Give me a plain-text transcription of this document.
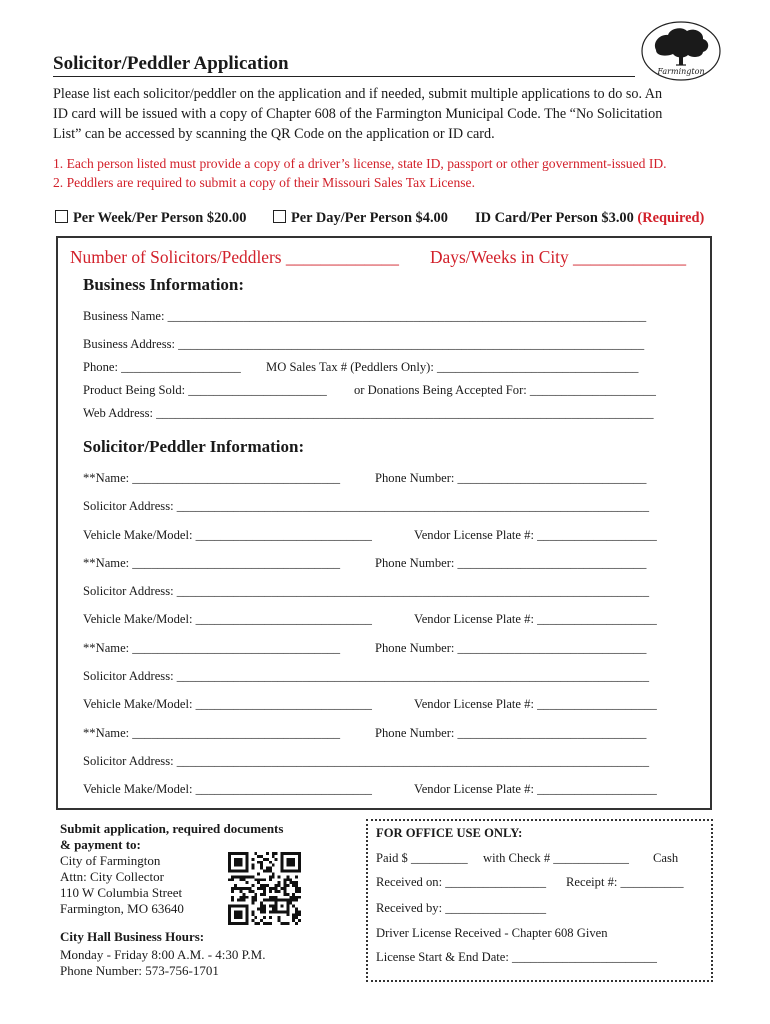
Solicitor/Peddler Application	Farmington
Please list each solicitor/peddler on the application and if needed, submit multiple applications to do so. An
ID card will be issued with a copy of Chapter 608 of the Farmington Municipal Code. The “No Solicitation
List” can be accessed by scanning the QR Code on the application or ID card.
1. Each person listed must provide a copy of a driver’s license, state ID, passport or other government-issued ID.
2. Peddlers are required to submit a copy of their Missouri Sales Tax License.
Per Week/Per Person $20.00	Per Day/Per Person $4.00 ID Card/Per Person $3.00 (Required)
Number of Solicitors/Peddlers _____________ Days/Weeks in City _____________
Business Information:
Business Name: ____________________________________________________________________________
Business Address: __________________________________________________________________________
Phone: ___________________ MO Sales Tax # (Peddlers Only): ________________________________
Product Being Sold: ______________________ or Donations Being Accepted For: ____________________
Web Address: _______________________________________________________________________________
Solicitor/Peddler Information:
**Name: _________________________________	Phone Number: ______________________________
Solicitor Address: ___________________________________________________________________________
Vehicle Make/Model: ____________________________	Vendor License Plate #: ___________________
**Name: _________________________________	Phone Number: ______________________________
Solicitor Address: ___________________________________________________________________________
Vehicle Make/Model: ____________________________	Vendor License Plate #: ___________________
**Name: _________________________________	Phone Number: ______________________________
Solicitor Address: ___________________________________________________________________________
Vehicle Make/Model: ____________________________	Vendor License Plate #: ___________________
**Name: _________________________________	Phone Number: ______________________________
Solicitor Address: ___________________________________________________________________________
Vehicle Make/Model: ____________________________	Vendor License Plate #: ___________________
Submit application, required documents
& payment to:
City of Farmington
Attn: City Collector
110 W Columbia Street
Farmington, MO 63640
City Hall Business Hours:
Monday - Friday 8:00 A.M. - 4:30 P.M.
Phone Number: 573-756-1701
FOR OFFICE USE ONLY:
Paid $ _________ with Check # ____________ Cash
Received on: ________________ Receipt #: __________
Received by: ________________
Driver License Received - Chapter 608 Given
License Start & End Date: _______________________
